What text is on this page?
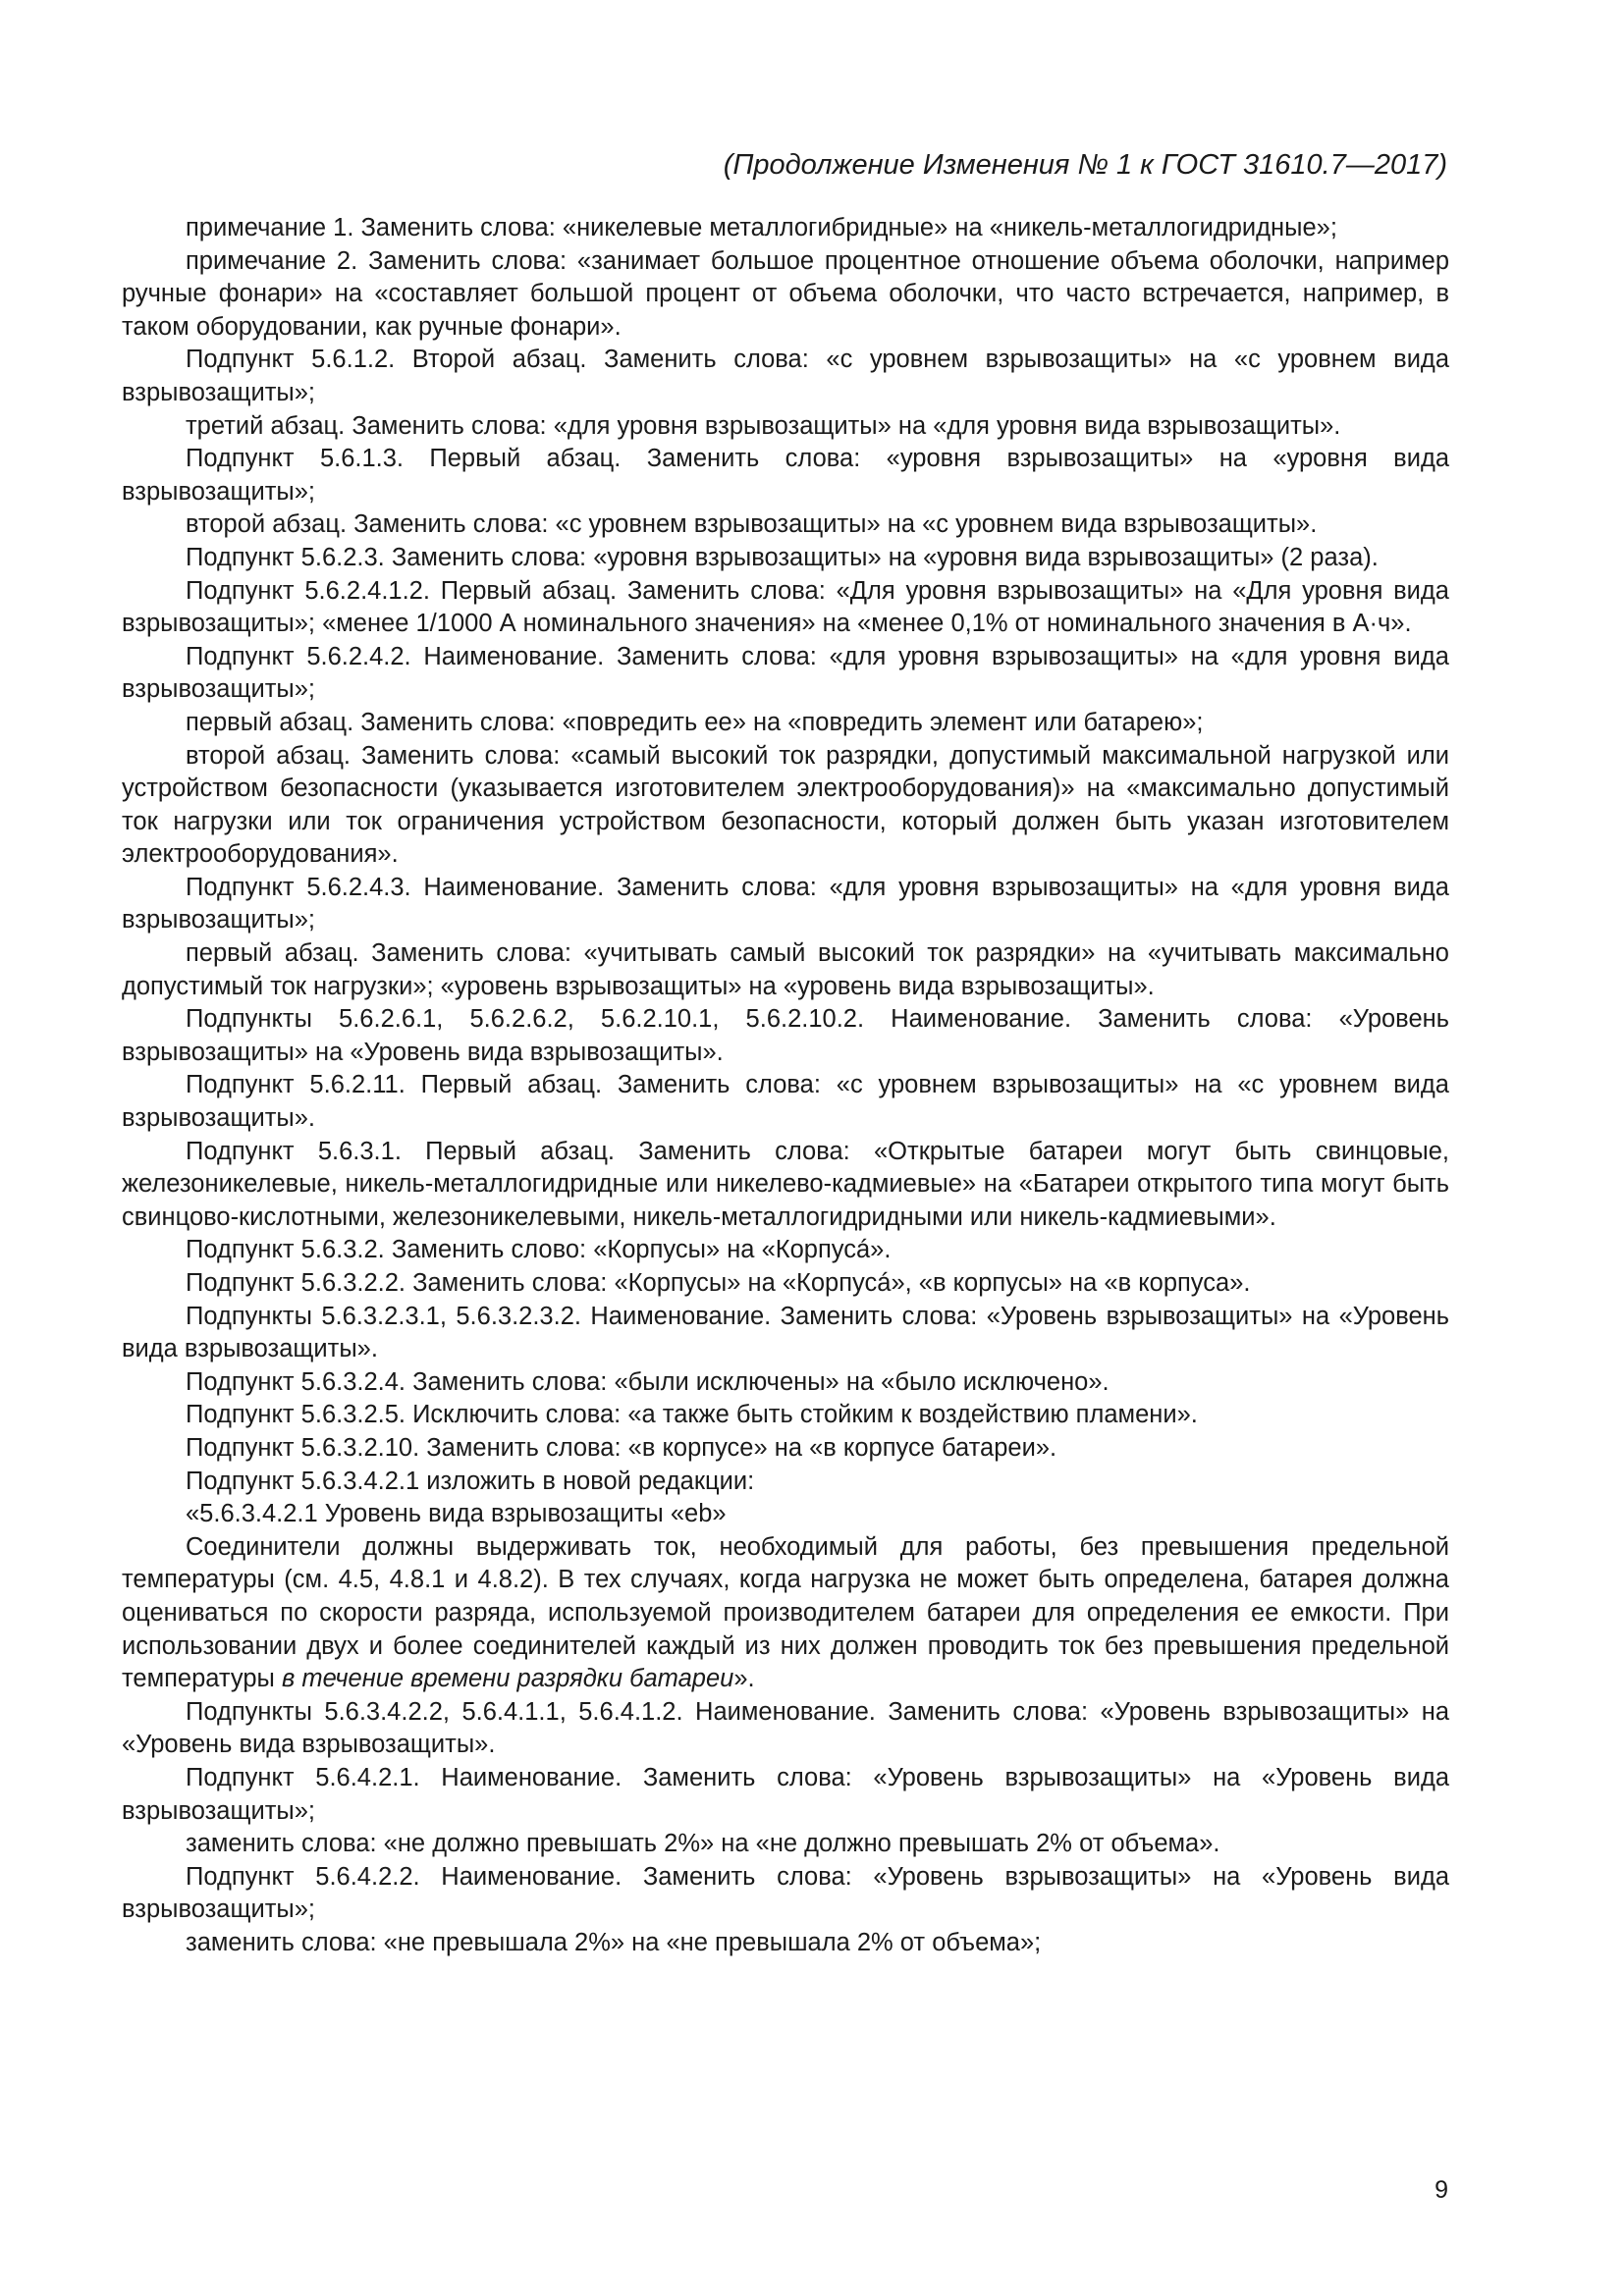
(Продолжение Изменения № 1 к ГОСТ 31610.7—2017)

примечание 1. Заменить слова: «никелевые металлогибридные» на «никель-металлогидридные»;

примечание 2. Заменить слова: «занимает большое процентное отношение объема оболочки, например ручные фонари» на «составляет большой процент от объема оболочки, что часто встречается, например, в таком оборудовании, как ручные фонари».

Подпункт 5.6.1.2. Второй абзац. Заменить слова: «с уровнем взрывозащиты» на «с уровнем вида взрывозащиты»;

третий абзац. Заменить слова: «для уровня взрывозащиты» на «для уровня вида взрывозащиты».

Подпункт 5.6.1.3. Первый абзац. Заменить слова: «уровня взрывозащиты» на «уровня вида взрывозащиты»;

второй абзац. Заменить слова: «с уровнем взрывозащиты» на «с уровнем вида взрывозащиты».

Подпункт 5.6.2.3. Заменить слова: «уровня взрывозащиты» на «уровня вида взрывозащиты» (2 раза).

Подпункт 5.6.2.4.1.2. Первый абзац. Заменить слова: «Для уровня взрывозащиты» на «Для уровня вида взрывозащиты»; «менее 1/1000 А номинального значения» на «менее 0,1% от номинального значения в А·ч».

Подпункт 5.6.2.4.2. Наименование. Заменить слова: «для уровня взрывозащиты» на «для уровня вида взрывозащиты»;

первый абзац. Заменить слова: «повредить ее» на «повредить элемент или батарею»;

второй абзац. Заменить слова: «самый высокий ток разрядки, допустимый максимальной нагрузкой или устройством безопасности (указывается изготовителем электрооборудования)» на «максимально допустимый ток нагрузки или ток ограничения устройством безопасности, который должен быть указан изготовителем электрооборудования».

Подпункт 5.6.2.4.3. Наименование. Заменить слова: «для уровня взрывозащиты» на «для уровня вида взрывозащиты»;

первый абзац. Заменить слова: «учитывать самый высокий ток разрядки» на «учитывать максимально допустимый ток нагрузки»; «уровень взрывозащиты» на «уровень вида взрывозащиты».

Подпункты 5.6.2.6.1, 5.6.2.6.2, 5.6.2.10.1, 5.6.2.10.2. Наименование. Заменить слова: «Уровень взрывозащиты» на «Уровень вида взрывозащиты».

Подпункт 5.6.2.11. Первый абзац. Заменить слова: «с уровнем взрывозащиты» на «с уровнем вида взрывозащиты».

Подпункт 5.6.3.1. Первый абзац. Заменить слова: «Открытые батареи могут быть свинцовые, железоникелевые, никель-металлогидридные или никелево-кадмиевые» на «Батареи открытого типа могут быть свинцово-кислотными, железоникелевыми, никель-металлогидридными или никель-кадмиевыми».

Подпункт 5.6.3.2. Заменить слово: «Корпусы» на «Корпусá».

Подпункт 5.6.3.2.2. Заменить слова: «Корпусы» на «Корпусá», «в корпусы» на «в корпуса».

Подпункты 5.6.3.2.3.1, 5.6.3.2.3.2. Наименование. Заменить слова: «Уровень взрывозащиты» на «Уровень вида взрывозащиты».

Подпункт 5.6.3.2.4. Заменить слова: «были исключены» на «было исключено».

Подпункт 5.6.3.2.5. Исключить слова: «а также быть стойким к воздействию пламени».

Подпункт 5.6.3.2.10. Заменить слова: «в корпусе» на «в корпусе батареи».

Подпункт 5.6.3.4.2.1 изложить в новой редакции:

«5.6.3.4.2.1 Уровень вида взрывозащиты «eb»

Соединители должны выдерживать ток, необходимый для работы, без превышения предельной температуры (см. 4.5, 4.8.1 и 4.8.2). В тех случаях, когда нагрузка не может быть определена, батарея должна оцениваться по скорости разряда, используемой производителем батареи для определения ее емкости. При использовании двух и более соединителей каждый из них должен проводить ток без превышения предельной температуры в течение времени разрядки батареи».

Подпункты 5.6.3.4.2.2, 5.6.4.1.1, 5.6.4.1.2. Наименование. Заменить слова: «Уровень взрывозащиты» на «Уровень вида взрывозащиты».

Подпункт 5.6.4.2.1. Наименование. Заменить слова: «Уровень взрывозащиты» на «Уровень вида взрывозащиты»;

заменить слова: «не должно превышать 2%» на «не должно превышать 2% от объема».

Подпункт 5.6.4.2.2. Наименование. Заменить слова: «Уровень взрывозащиты» на «Уровень вида взрывозащиты»;

заменить слова: «не превышала 2%» на «не превышала 2% от объема»;

9
